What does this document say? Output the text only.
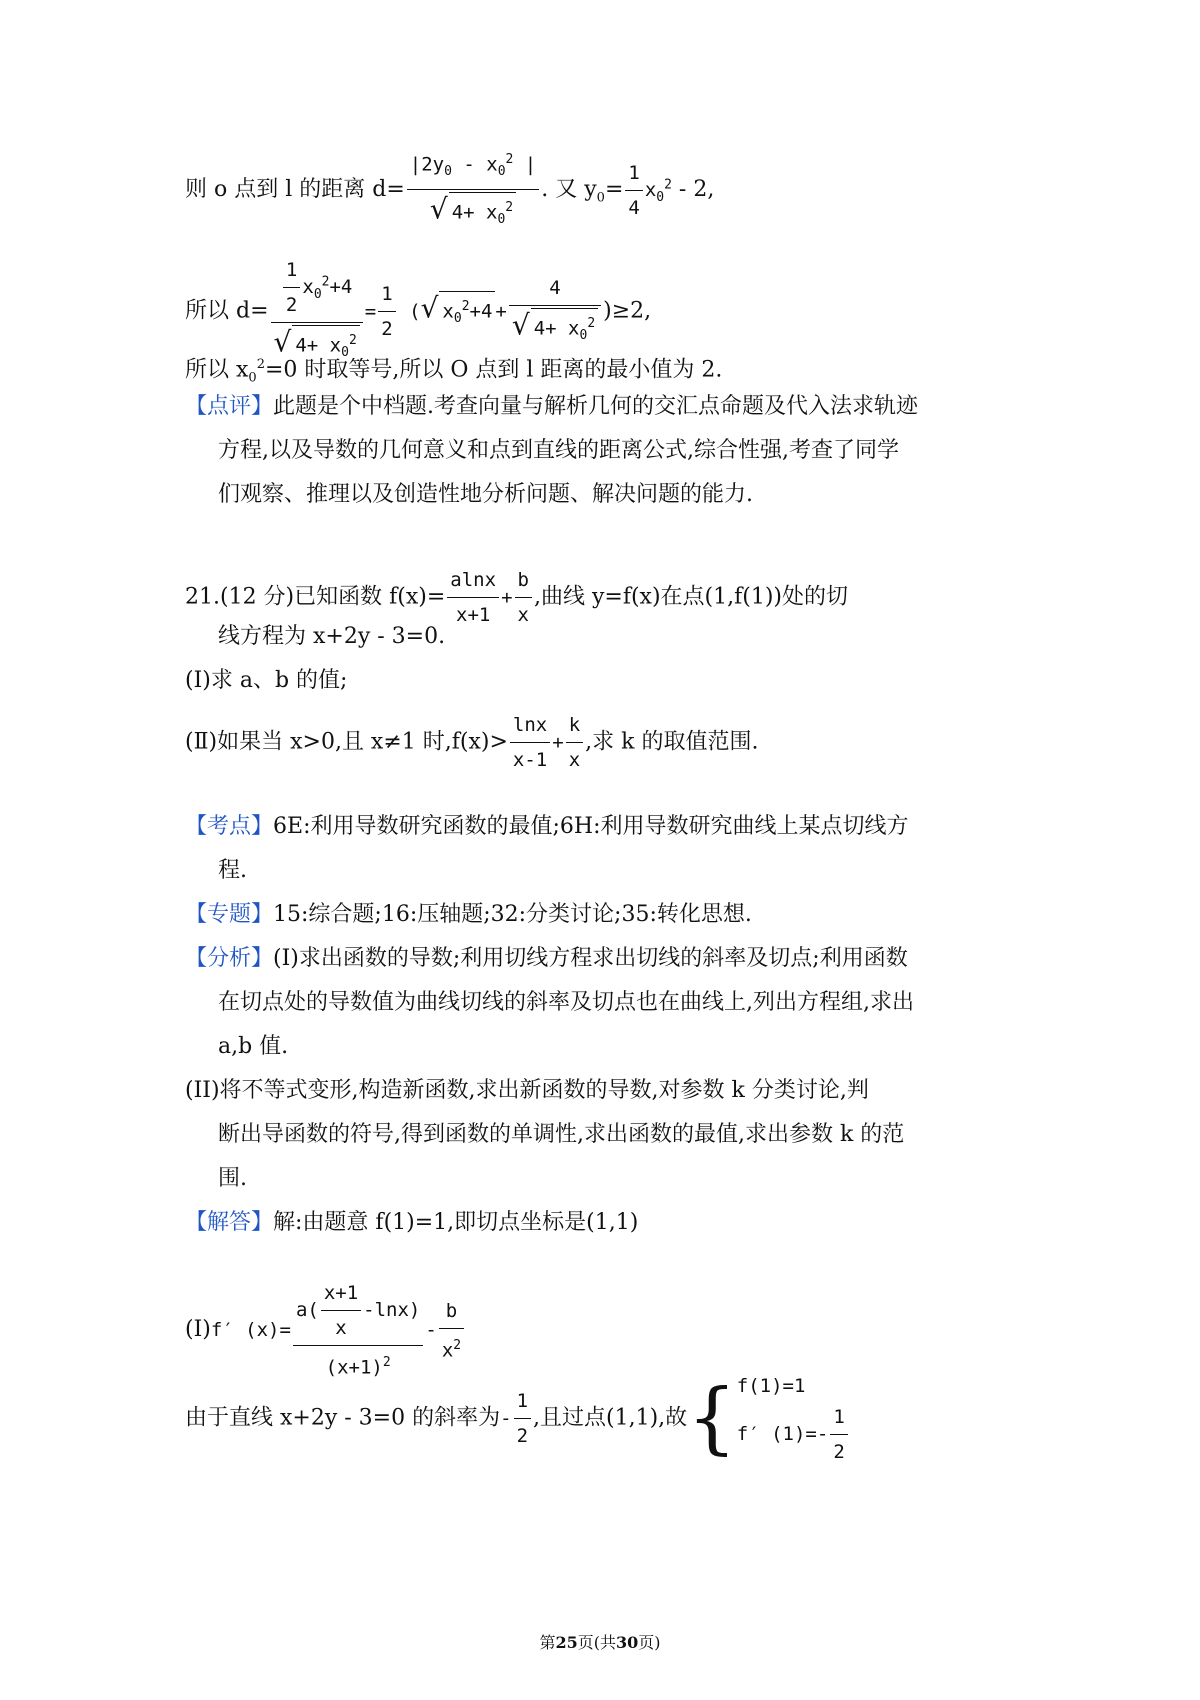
则 o 点到 l 的距离 $d= \frac{|2y_0 - x_0^2 |}{√ 4+ x_0^2}$ . 又 $y_0= \frac{1}{4} x_0^2 - 2$,
所以 $d= \frac{\frac{1}{2} x_0^2+4}{√ 4+ x_0^2} = \frac{1}{2}$ (√ $x_0^2+4 + \frac{4}{√ 4+ x_0^2} )\ge 2$,
所以 $x_0^2=0$ 时取等号,所以 O 点到 l 距离的最小值为 2.
【点评】此题是个中档题.考查向量与解析几何的交汇点命题及代入法求轨迹
方程,以及导数的几何意义和点到直线的距离公式,综合性强,考查了同学
们观察、推理以及创造性地分析问题、解决问题的能力.
21.(12 分)已知函数 $f(x)= \frac{alnx}{x+1} + \frac{b}{x}$ ,曲线 y=f(x)在点(1,f(1))处的切
线方程为 x+2y - 3=0.
(Ⅰ)求 a、b 的值;
(Ⅱ)如果当 x>0,且 x≠1 时$,f(x)> \frac{\ln x}{x-1} + \frac{k}{x}$ ,求 k 的取值范围.
【考点】6E:利用导数研究函数的最值;6H:利用导数研究曲线上某点切线方
程.
【专题】15:综合题;16:压轴题;32:分类讨论;35:转化思想.
【分析】(I)求出函数的导数;利用切线方程求出切线的斜率及切点;利用函数
在切点处的导数值为曲线切线的斜率及切点也在曲线上,列出方程组,求出
a,b 值.
(II)将不等式变形,构造新函数,求出新函数的导数,对参数 k 分类讨论,判
断出导函数的符号,得到函数的单调性,求出函数的最值,求出参数 k 的范
围.
【解答】解:由题意 f(1)=1,即切点坐标是(1,1)
(Ⅰ)f′ $(x)= \frac{a( \frac{x+1}{x} -\ln x)}{(x+1)^2} - \frac{b}{x^2}$
由于直线 x+2y - 3=0 的斜率为- $\frac{1}{2}$ ,且过点(1,1),故{ f(1)=1
f′ $(1)=- \frac{1}{2}$
第25页(共30页)
